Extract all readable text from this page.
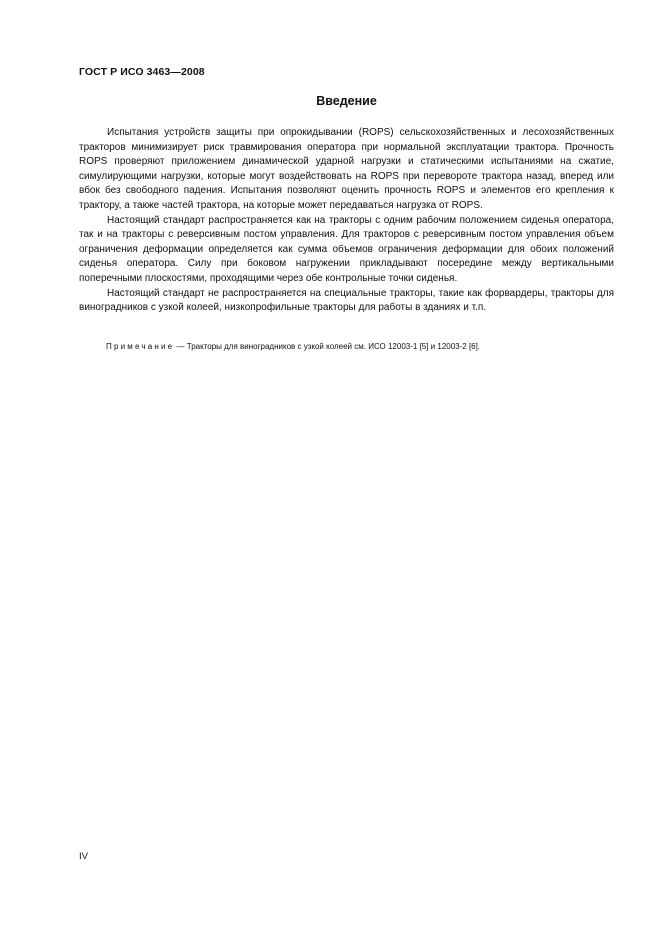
ГОСТ Р ИСО 3463—2008
Введение

Испытания устройств защиты при опрокидывании (ROPS) сельскохозяйственных и лесохозяйственных тракторов минимизирует риск травмирования оператора при нормальной эксплуатации трактора. Прочность ROPS проверяют приложением динамической ударной нагрузки и статическими испытаниями на сжатие, симулирующими нагрузки, которые могут воздействовать на ROPS при перевороте трактора назад, вперед или вбок без свободного падения. Испытания позволяют оценить прочность ROPS и элементов его крепления к трактору, а также частей трактора, на которые может передаваться нагрузка от ROPS.

Настоящий стандарт распространяется как на тракторы с одним рабочим положением сиденья оператора, так и на тракторы с реверсивным постом управления. Для тракторов с реверсивным постом управления объем ограничения деформации определяется как сумма объемов ограничения деформации для обоих положений сиденья оператора. Силу при боковом нагружении прикладывают посередине между вертикальными поперечными плоскостями, проходящими через обе контрольные точки сиденья.

Настоящий стандарт не распространяется на специальные тракторы, такие как форвардеры, тракторы для виноградников с узкой колеей, низкопрофильные тракторы для работы в зданиях и т.п.

Примечание — Тракторы для виноградников с узкой колеей см. ИСО 12003-1 [5] и 12003-2 [6].
IV
